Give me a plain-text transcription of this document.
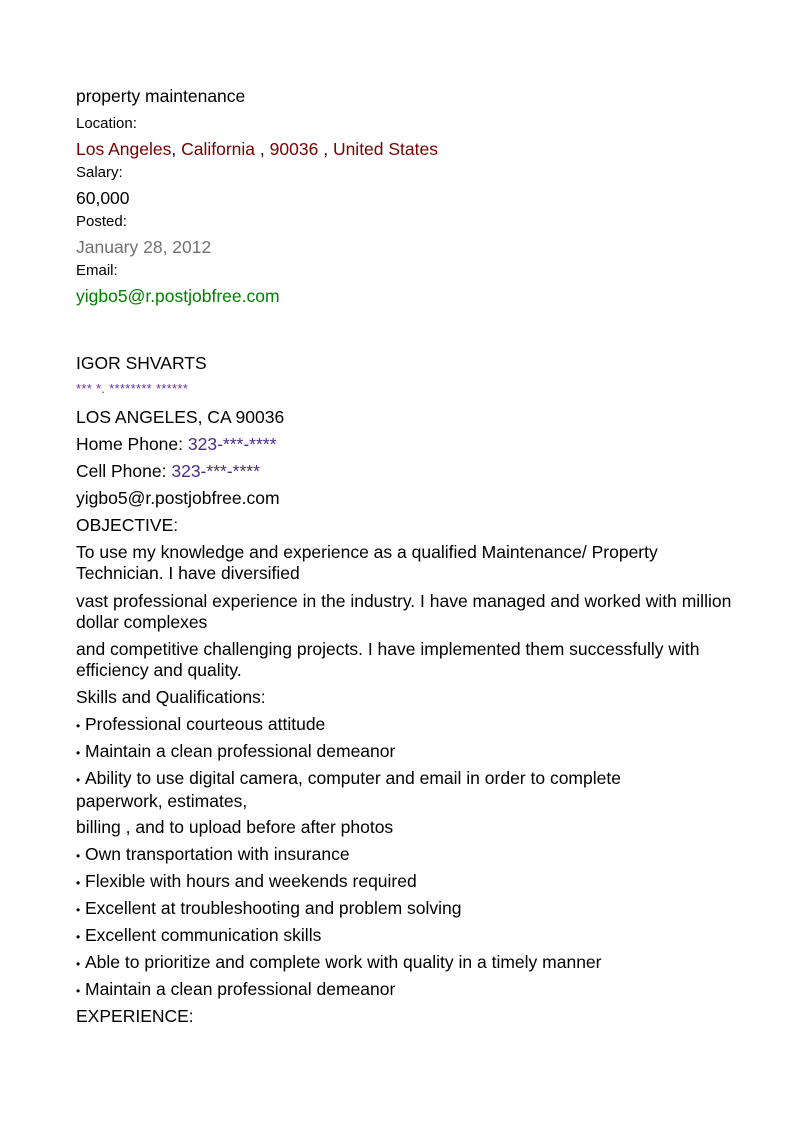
property maintenance
Location:
Los Angeles, California , 90036 , United States
Salary:
60,000
Posted:
January 28, 2012
Email:
yigbo5@r.postjobfree.com
IGOR SHVARTS
*** *. ******** ******
LOS ANGELES, CA 90036
Home Phone: 323-***-****
Cell Phone: 323-***-****
yigbo5@r.postjobfree.com
OBJECTIVE:
To use my knowledge and experience as a qualified Maintenance/ Property Technician. I have diversified
vast professional experience in the industry. I have managed and worked with million dollar complexes
and competitive challenging projects. I have implemented them successfully with efficiency and quality.
Skills and Qualifications:
• Professional courteous attitude
• Maintain a clean professional demeanor
• Ability to use digital camera, computer and email in order to complete paperwork, estimates,
billing , and to upload before after photos
• Own transportation with insurance
• Flexible with hours and weekends required
• Excellent at troubleshooting and problem solving
• Excellent communication skills
• Able to prioritize and complete work with quality in a timely manner
• Maintain a clean professional demeanor
EXPERIENCE:
